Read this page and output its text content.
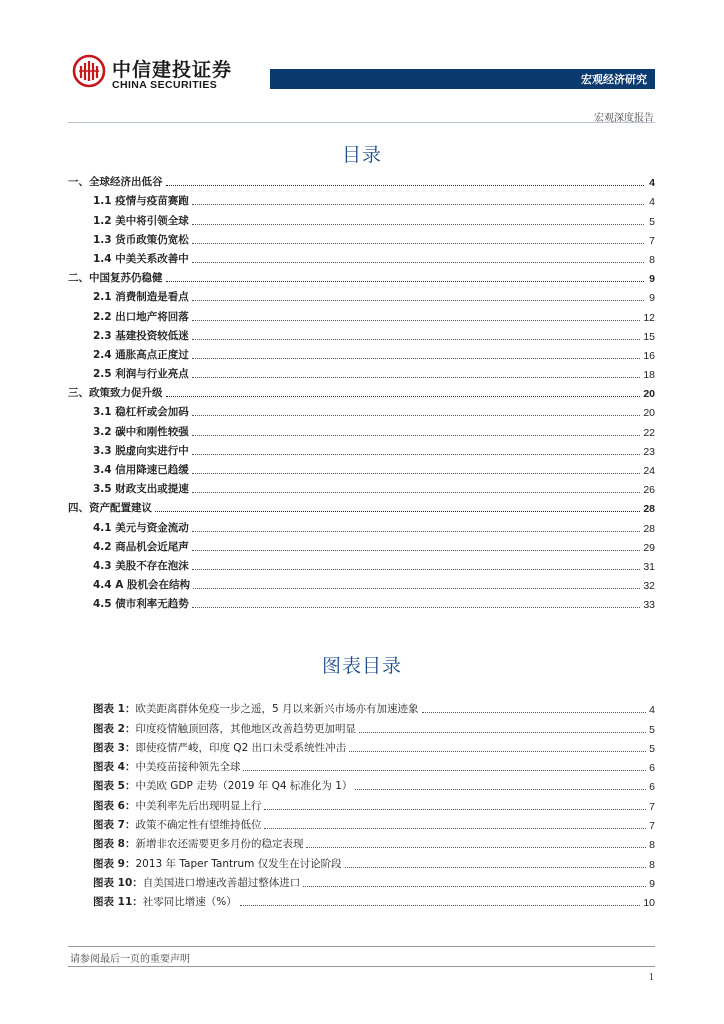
中信建投证券
CHINA SECURITIES	宏观经济研究
宏观深度报告
目录
一、全球经济出低谷	4
1.1 疫情与疫苗赛跑	4
1.2 美中将引领全球	5
1.3 货币政策仍宽松	7
1.4 中美关系改善中	8
二、中国复苏仍稳健	9
2.1 消费制造是看点	9
2.2 出口地产将回落	12
2.3 基建投资较低迷	15
2.4 通胀高点正度过	16
2.5 利润与行业亮点	18
三、政策致力促升级	20
3.1 稳杠杆或会加码	20
3.2 碳中和刚性较强	22
3.3 脱虚向实进行中	23
3.4 信用降速已趋缓	24
3.5 财政支出或提速	26
四、资产配置建议	28
4.1 美元与资金流动	28
4.2 商品机会近尾声	29
4.3 美股不存在泡沫	31
4.4 A 股机会在结构	32
4.5 债市利率无趋势	33
图表目录
图表 1： 欧美距离群体免疫一步之遥，5 月以来新兴市场亦有加速迹象	4
图表 2： 印度疫情触顶回落，其他地区改善趋势更加明显	5
图表 3： 即使疫情严峻，印度 Q2 出口未受系统性冲击	5
图表 4： 中美疫苗接种领先全球	6
图表 5： 中美欧 GDP 走势（2019 年 Q4 标准化为 1）	6
图表 6： 中美利率先后出现明显上行	7
图表 7： 政策不确定性有望维持低位	7
图表 8： 新增非农还需要更多月份的稳定表现	8
图表 9： 2013 年 Taper Tantrum 仅发生在讨论阶段	8
图表 10： 自美国进口增速改善超过整体进口	9
图表 11： 社零同比增速（%）	10
请参阅最后一页的重要声明
1
